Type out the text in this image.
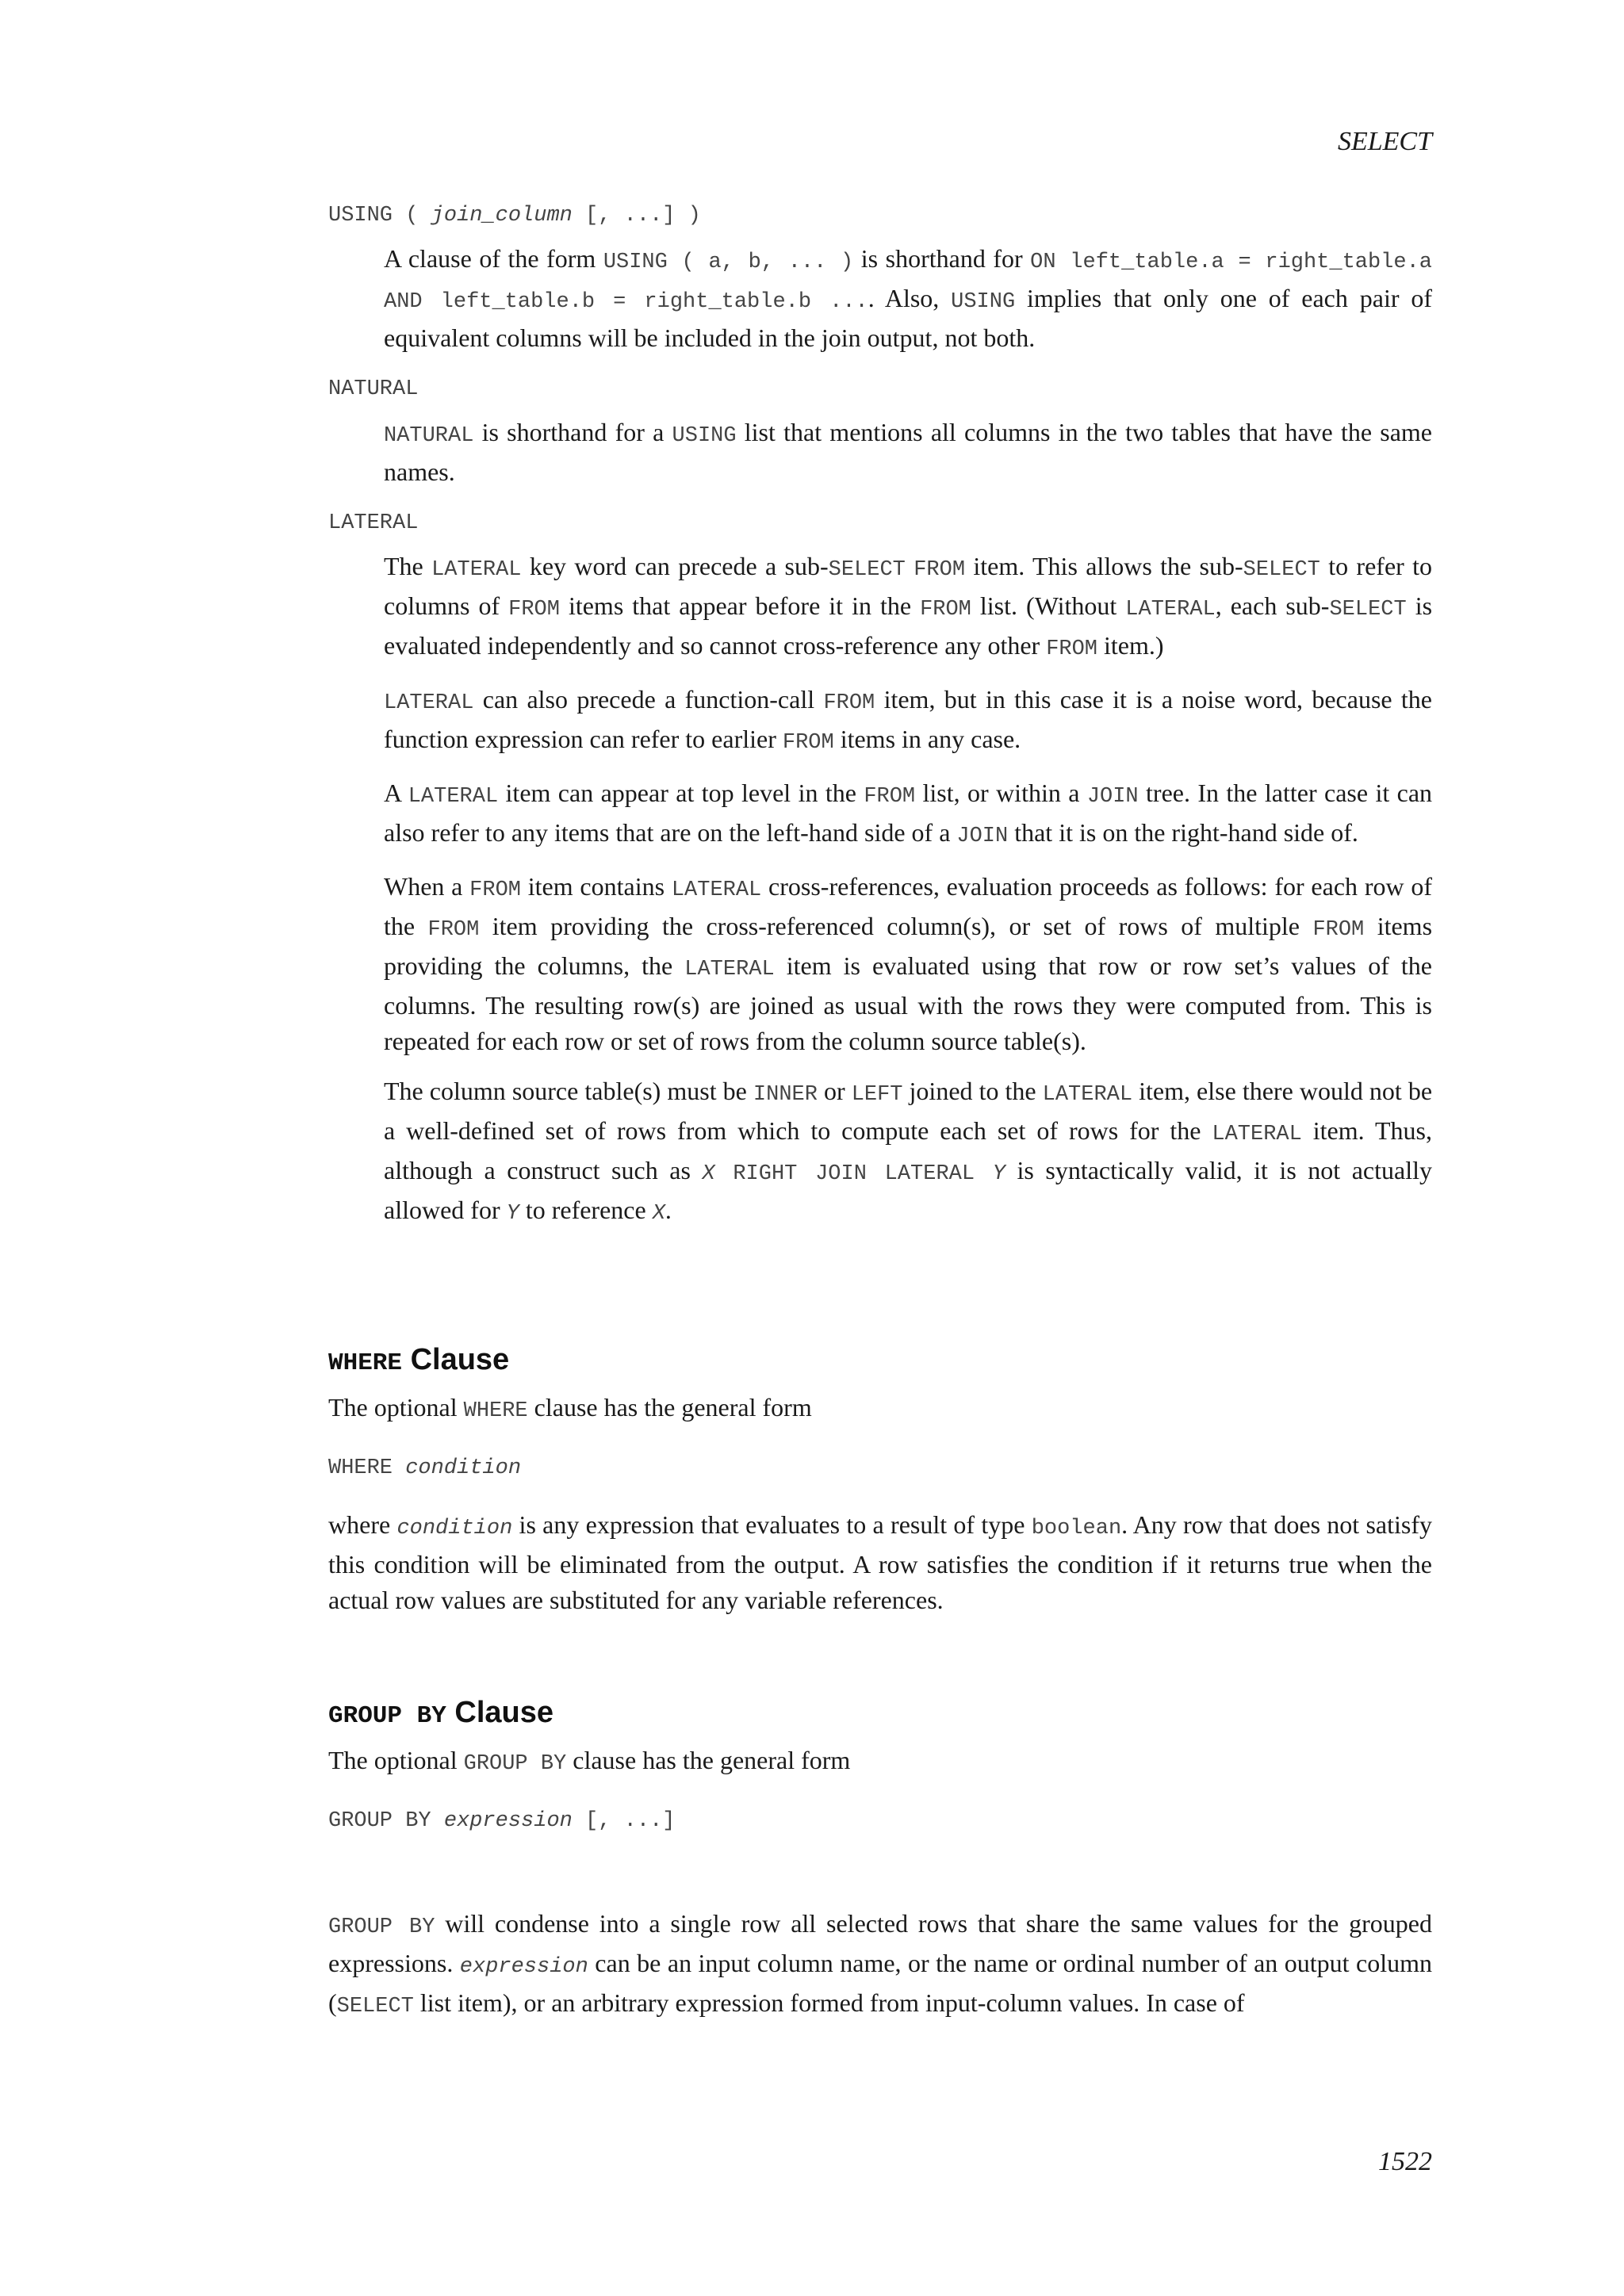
SELECT

USING ( join_column [, ...] )

A clause of the form USING ( a, b, ... ) is shorthand for ON left_table.a = right_table.a AND left_table.b = right_table.b .... Also, USING implies that only one of each pair of equivalent columns will be included in the join output, not both.

NATURAL

NATURAL is shorthand for a USING list that mentions all columns in the two tables that have the same names.

LATERAL

The LATERAL key word can precede a sub-SELECT FROM item. This allows the sub-SELECT to refer to columns of FROM items that appear before it in the FROM list. (Without LATERAL, each sub-SELECT is evaluated independently and so cannot cross-reference any other FROM item.)

LATERAL can also precede a function-call FROM item, but in this case it is a noise word, because the function expression can refer to earlier FROM items in any case.

A LATERAL item can appear at top level in the FROM list, or within a JOIN tree. In the latter case it can also refer to any items that are on the left-hand side of a JOIN that it is on the right-hand side of.

When a FROM item contains LATERAL cross-references, evaluation proceeds as follows: for each row of the FROM item providing the cross-referenced column(s), or set of rows of multiple FROM items providing the columns, the LATERAL item is evaluated using that row or row set’s values of the columns. The resulting row(s) are joined as usual with the rows they were computed from. This is repeated for each row or set of rows from the column source table(s).

The column source table(s) must be INNER or LEFT joined to the LATERAL item, else there would not be a well-defined set of rows from which to compute each set of rows for the LATERAL item. Thus, although a construct such as X RIGHT JOIN LATERAL Y is syntactically valid, it is not actually allowed for Y to reference X.

WHERE Clause

The optional WHERE clause has the general form

WHERE condition

where condition is any expression that evaluates to a result of type boolean. Any row that does not satisfy this condition will be eliminated from the output. A row satisfies the condition if it returns true when the actual row values are substituted for any variable references.

GROUP BY Clause

The optional GROUP BY clause has the general form

GROUP BY expression [, ...]

GROUP BY will condense into a single row all selected rows that share the same values for the grouped expressions. expression can be an input column name, or the name or ordinal number of an output column (SELECT list item), or an arbitrary expression formed from input-column values. In case of

1522
